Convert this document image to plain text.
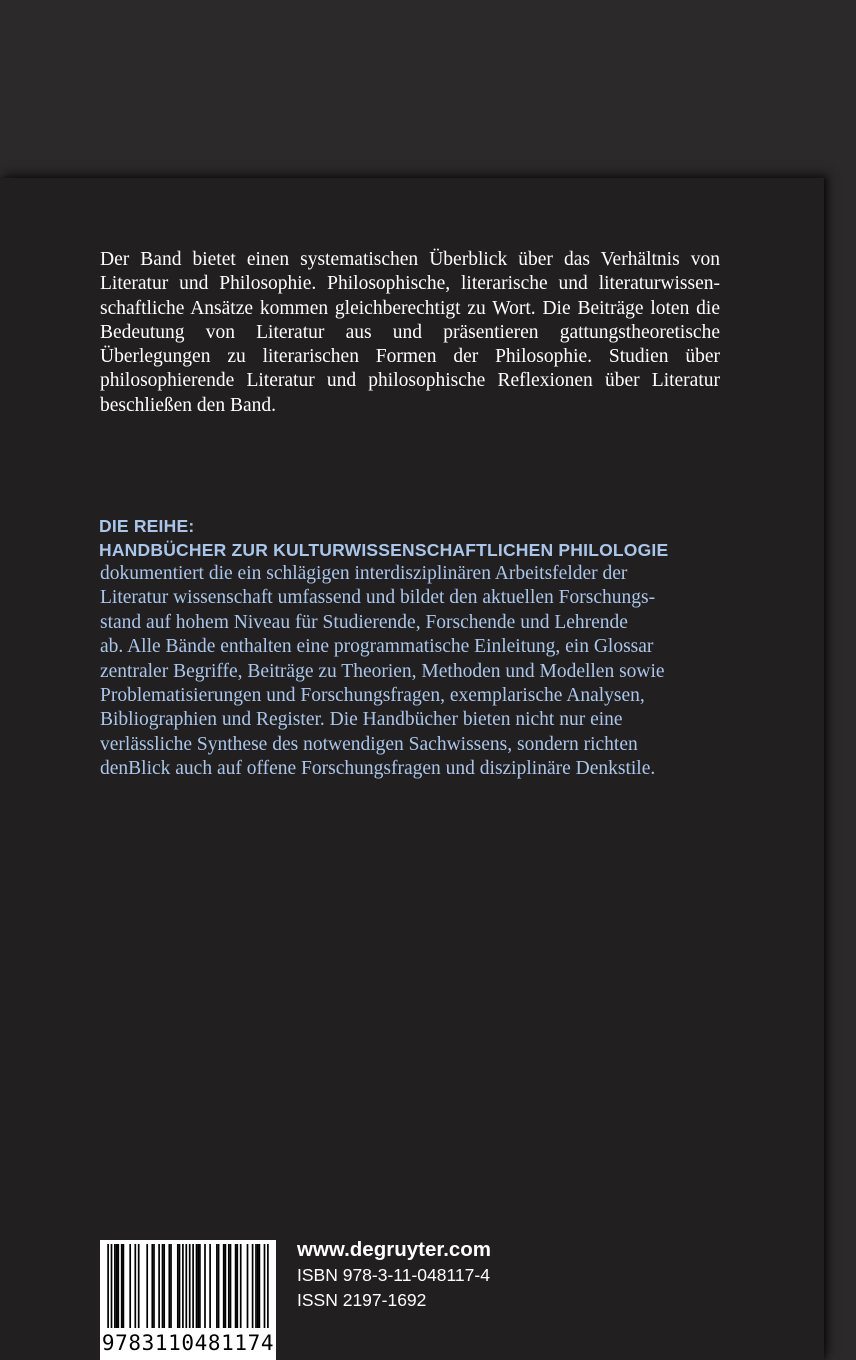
Der Band bietet einen systematischen Überblick über das Verhältnis von Literatur und Philosophie. Philosophische, literarische und literaturwissen-schaftliche Ansätze kommen gleichberechtigt zu Wort. Die Beiträge loten die Bedeutung von Literatur aus und präsentieren gattungstheoretische Überlegungen zu literarischen Formen der Philosophie. Studien über philosophierende Literatur und philosophische Reflexionen über Literatur beschließen den Band.

DIE REIHE:
HANDBÜCHER ZUR KULTURWISSENSCHAFTLICHEN PHILOLOGIE
dokumentiert die ein schlägigen interdisziplinären Arbeitsfelder der
Literatur wissenschaft umfassend und bildet den aktuellen Forschungs-
stand auf hohem Niveau für Studierende, Forschende und Lehrende
ab. Alle Bände enthalten eine programmatische Einleitung, ein Glossar
zentraler Begriffe, Beiträge zu Theorien, Methoden und Modellen sowie
Problematisierungen und Forschungsfragen, exemplarische Analysen,
Bibliographien und Register. Die Handbücher bieten nicht nur eine
verlässliche Synthese des notwendigen Sachwissens, sondern richten
denBlick auch auf offene Forschungsfragen und disziplinäre Denkstile.
9783110481174
www.degruyter.com
ISBN 978-3-11-048117-4
ISSN 2197-1692
